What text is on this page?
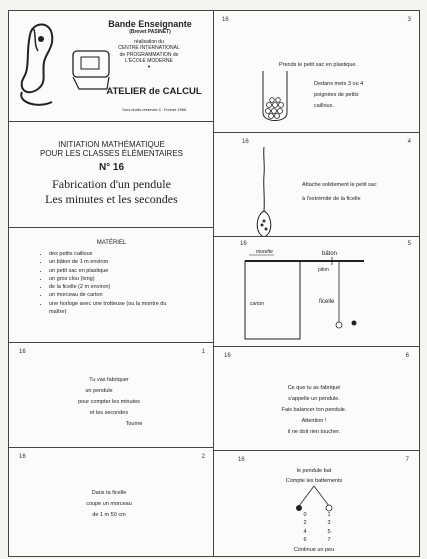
Bande Enseignante
(Brevet PASINET)
réalisation du
CENTRE INTERNATIONAL
de PROGRAMMATION de
L'ÉCOLE MODERNE
•
ATELIER de CALCUL
Tous droits réservés C. Freinet 1966
INITIATION MATHÉMATIQUE
POUR LES CLASSES ÉLÉMENTAIRES
N° 16
Fabrication d'un pendule
Les minutes et les secondes
MATÉRIEL
• des petits cailloux
• un bâton de 1 m environ
• un petit sac en plastique
• un gros clou (long)
• de la ficelle (2 m environ)
• un morceau de carton
• une horloge avec une trotteuse (ou la montre du maître)
16	1
Tu vas fabriquer
un pendule
pour compter les minutes
et les secondes
Tourne
16	2
Dans ta ficelle
coupe un morceau
de 1 m 50 cm
16	3
Prends le petit sac en plastique.
Dedans mets 3 ou 4
poignées de petits
cailloux.
16	4
Attache solidement le petit sac
à l'extrémité de la ficelle
16	5
murette	bâton
piton
ficelle
carton
16	6
Ce que tu as fabriqué
s'appelle un pendule.
Fais balancer ton pendule.
Attention !
il ne doit rien toucher.
16	7
le pendule bat
Compte les battements
0
2
4
6
1
3
5
7
Continue un peu
